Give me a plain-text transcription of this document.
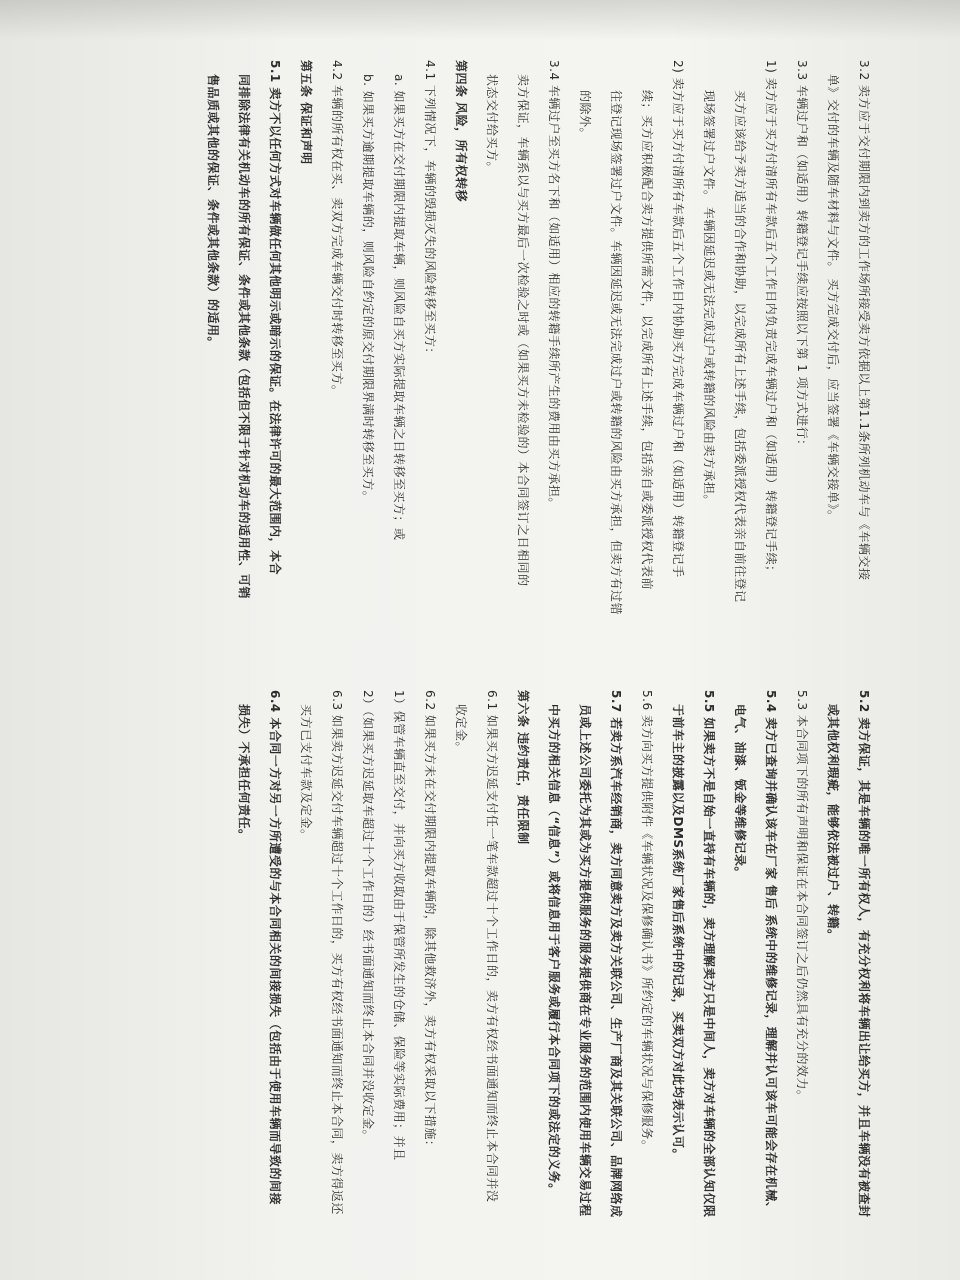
3.2 卖方应于交付期限内到卖方的工作场所接受卖方依据以上第1.1条所列机动车与《车辆交接
单》交付的车辆及随车材料与文件。 买方完成交付后，应当签署《车辆交接单》。
3.3 车辆过户和（如适用）转籍登记手续应按照以下第 1 项方式进行：
1) 卖方应于买方付清所有车款后五个工作日内负责完成车辆过户和（如适用）转籍登记手续；
买方应该给予卖方适当的合作和协助，以完成所有上述手续，包括委派授权代表亲自前往登记
现场签署过户文件。 车辆因延迟或无法完成过户或转籍的风险由卖方承担。
2) 卖方应于买方付清所有车款后五个工作日内协助买方完成车辆过户和（如适用）转籍登记手
续；买方应积极配合卖方提供所需文件，以完成所有上述手续，包括亲自或委派授权代表前
往登记现场签署过户文件。车辆因延迟或无法完成过户或转籍的风险由买方承担，但卖方有过错
的除外。
3.4 车辆过户至买方名下和（如适用）相应的转籍手续所产生的费用由买方承担。
卖方保证，车辆系以与买方最后一次检验之时或（如果买方未检验的）本合同签订之日相同的
状态交付给买方。
第四条 风险，所有权转移
4.1 下列情况下，车辆的毁损灭失的风险转移至买方：
a. 如果买方在交付期限内提取车辆，则风险自买方实际提取车辆之日转移至买方；或
b. 如果买方逾期提取车辆的，则风险自约定的原交付期限界满时转移至买方。
4.2 车辆的所有权在买、卖双方完成车辆交付时转移至买方。
第五条 保证和声明
5.1 卖方不以任何方式对车辆做任何其他明示或暗示的保证。在法律许可的最大范围内，本合
同排除法律有关机动车的所有保证、条件或其他条款（包括但不限于针对机动车的适用性、可销
售品质或其他的保证、条件或其他条款）的适用。
5.2 卖方保证，其是车辆的唯一所有权人，有充分权利将车辆出让给买方，并且车辆没有被查封
或其他权利瑕疵，能够依法被过户、转籍。
5.3 本合同项下的所有声明和保证在本合同签订之后仍然具有充分的效力。
5.4 卖方已查询并确认该车在厂家 售后 系统中的维修记录，理解并认可该车可能会存在机械、
电气、油漆、钣金等维修记录。
5.5 如果卖方不是自始一直持有车辆的，卖方理解卖方只是中间人，卖方对车辆的全部认知仅限
于前车主的披露以及DMS系统厂家售后系统中的记录，买卖双方对此均表示认可。
5.6 卖方向买方提供附件《车辆状况及保修确认书》所约定的车辆状况与保修服务。
5.7 若卖方系汽车经销商，卖方同意卖方及卖方关联公司、生产厂商及其关联公司、品牌网络成
员或上述公司委托为其或为买方提供服务的服务提供商在专业服务的范围内使用车辆交易过程
中买方的相关信息（“信息”）或将信息用于客户服务或履行本合同项下的或法定的义务。
第六条 违约责任，责任限制
6.1 如果买方迟延支付任一笔车款超过十个工作日的，卖方有权经书面通知而终止本合同并没
收定金。
6.2 如果买方未在交付期限内提取车辆的，除其他救济外，卖方有权采取以下措施：
1）保管车辆直至交付，并向买方收取由于保管所发生的仓储、保险等实际费用；并且
2）（如果买方迟延取车超过十个工作日的）经书面通知而终止本合同并没收定金。
6.3 如果卖方迟延交付车辆超过十个工作日的，买方有权经书面通知而终止本合同，卖方得返还
买方已支付车款及定金。
6.4 本合同一方对另一方所遭受的与本合同相关的间接损失（包括由于使用车辆而导致的间接
损失）不承担任何责任。
